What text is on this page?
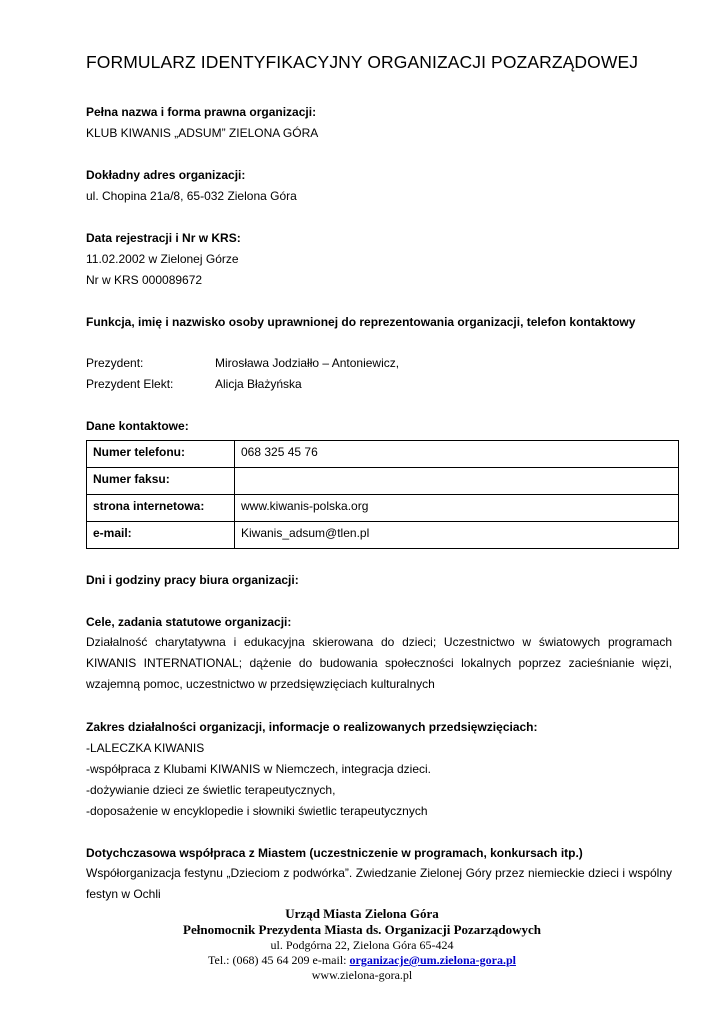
FORMULARZ IDENTYFIKACYJNY ORGANIZACJI POZARZĄDOWEJ
Pełna nazwa i forma prawna organizacji:
KLUB KIWANIS „ADSUM” ZIELONA GÓRA
Dokładny adres organizacji:
ul. Chopina 21a/8, 65-032 Zielona Góra
Data rejestracji i Nr w KRS:
11.02.2002 w Zielonej Górze
Nr w KRS 000089672
Funkcja, imię i nazwisko osoby uprawnionej do reprezentowania organizacji, telefon kontaktowy
Prezydent:	Mirosława Jodziałło – Antoniewicz,
Prezydent Elekt:	Alicja Błażyńska
Dane kontaktowe:
Numer telefonu:	068 325 45 76
Numer faksu:	
strona internetowa:	www.kiwanis-polska.org
e-mail:	Kiwanis_adsum@tlen.pl
Dni i godziny pracy biura organizacji:
Cele, zadania statutowe organizacji:
Działalność charytatywna i edukacyjna skierowana do dzieci; Uczestnictwo w światowych programach KIWANIS INTERNATIONAL; dążenie do budowania społeczności lokalnych poprzez zacieśnianie więzi, wzajemną pomoc, uczestnictwo w przedsięwzięciach kulturalnych
Zakres działalności organizacji, informacje o realizowanych przedsięwzięciach:
-LALECZKA KIWANIS
-współpraca z Klubami KIWANIS w Niemczech, integracja dzieci.
-dożywianie dzieci ze świetlic terapeutycznych,
-doposażenie w encyklopedie i słowniki świetlic terapeutycznych
Dotychczasowa współpraca z Miastem (uczestniczenie w programach, konkursach itp.)
Współorganizacja festynu „Dzieciom z podwórka”. Zwiedzanie Zielonej Góry przez niemieckie dzieci i wspólny festyn w Ochli
Urząd Miasta Zielona Góra
Pełnomocnik Prezydenta Miasta ds. Organizacji Pozarządowych
ul. Podgórna 22, Zielona Góra 65-424
Tel.: (068) 45 64 209 e-mail: organizacje@um.zielona-gora.pl
www.zielona-gora.pl
